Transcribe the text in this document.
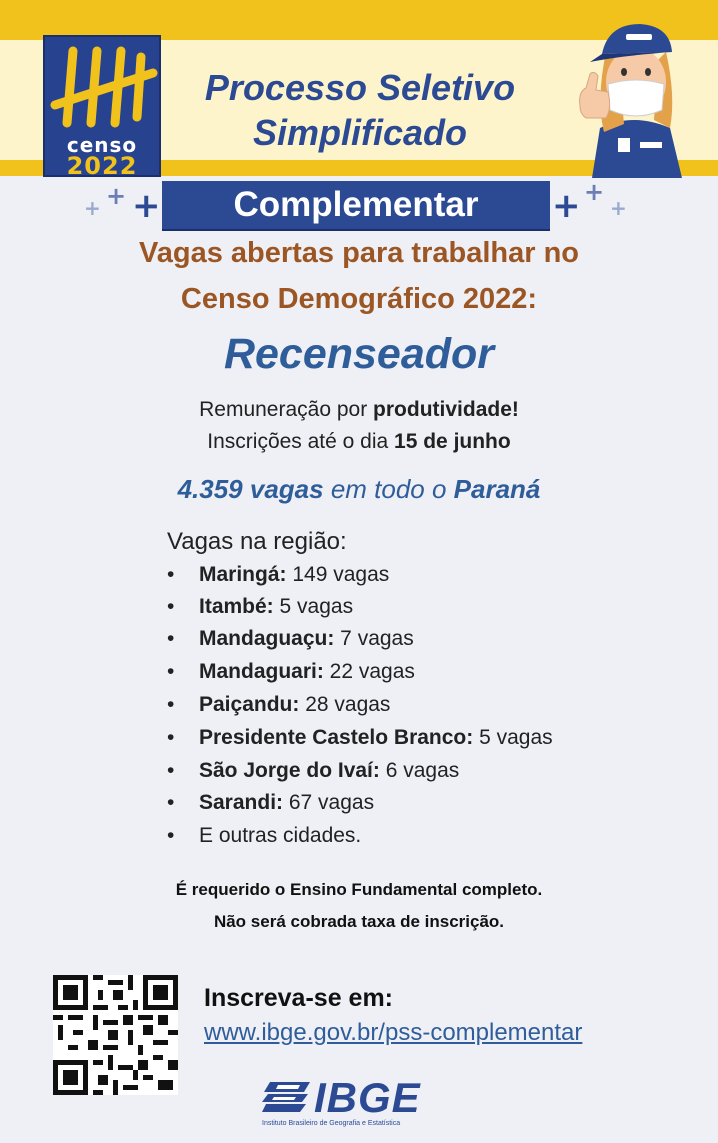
censo
2022
Processo Seletivo
Simplificado
Complementar
+ + +	+ +
+
Vagas abertas para trabalhar no
Censo Demográfico 2022:
Recenseador
Remuneração por produtividade!
Inscrições até o dia 15 de junho
4.359 vagas em todo o Paraná
Vagas na região:
• Maringá: 149 vagas
• Itambé: 5 vagas
• Mandaguaçu: 7 vagas
• Mandaguari: 22 vagas
• Paiçandu: 28 vagas
• Presidente Castelo Branco: 5 vagas
• São Jorge do Ivaí: 6 vagas
• Sarandi: 67 vagas
• E outras cidades.
É requerido o Ensino Fundamental completo.
Não será cobrada taxa de inscrição.
Inscreva-se em:
www.ibge.gov.br/pss-complementar
IBGE
Instituto Brasileiro de Geografia e Estatística
